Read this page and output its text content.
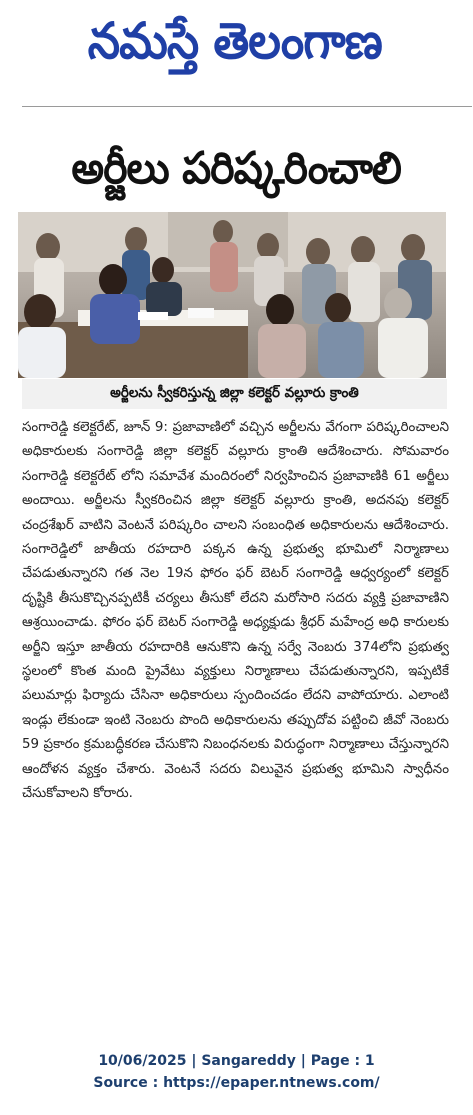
నమస్తే తెలంగాణ
అర్జీలు పరిష్కరించాలి
అర్జీలను స్వీకరిస్తున్న జిల్లా కలెక్టర్ వల్లూరు క్రాంతి

సంగారెడ్డి కలెక్టరేట్, జూన్ 9: ప్రజావాణిలో వచ్చిన అర్జీలను వేగంగా పరిష్కరించాలని అధికారులకు సంగారెడ్డి జిల్లా కలెక్టర్ వల్లూరు క్రాంతి ఆదేశించారు. సోమవారం సంగారెడ్డి కలెక్టరేట్ లోని సమావేశ మందిరంలో నిర్వహించిన ప్రజావాణికి 61 అర్జీలు అందాయి. అర్జీలను స్వీకరించిన జిల్లా కలెక్టర్ వల్లూరు క్రాంతి, అదనపు కలెక్టర్ చంద్రశేఖర్ వాటిని వెంటనే పరిష్కరిం చాలని సంబంధిత అధికారులను ఆదేశించారు. సంగారెడ్డిలో జాతీయ రహదారి పక్కన ఉన్న ప్రభుత్వ భూమిలో నిర్మాణాలు చేపడుతున్నారని గత నెల 19న ఫోరం ఫర్ బెటర్ సంగారెడ్డి ఆధ్వర్యంలో కలెక్టర్ దృష్టికి తీసుకొచ్చినప్పటికీ చర్యలు తీసుకో లేదని మరోసారి సదరు వ్యక్తి ప్రజావాణిని ఆశ్రయించాడు. ఫోరం ఫర్ బెటర్ సంగారెడ్డి అధ్యక్షుడు శ్రీధర్ మహేంద్ర అధి కారులకు అర్జీని ఇస్తూ జాతీయ రహదారికి ఆనుకొని ఉన్న సర్వే నెంబరు 374లోని ప్రభుత్వ స్థలంలో కొంత మంది ప్రైవేటు వ్యక్తులు నిర్మాణాలు చేపడుతున్నారని, ఇప్పటికే పలుమార్లు ఫిర్యాదు చేసినా అధికారులు స్పందించడం లేదని వాపోయారు. ఎలాంటి ఇండ్లు లేకుండా ఇంటి నెంబరు పొంది అధికారులను తప్పుదోవ పట్టించి జీవో నెంబరు 59 ప్రకారం క్రమబద్ధీకరణ చేసుకొని నిబంధనలకు విరుద్ధంగా నిర్మాణాలు చేస్తున్నారని ఆందోళన వ్యక్తం చేశారు. వెంటనే సదరు విలువైన ప్రభుత్వ భూమిని స్వాధీనం చేసుకోవాలని కోరారు.

10/06/2025 | Sangareddy | Page : 1
Source : https://epaper.ntnews.com/
